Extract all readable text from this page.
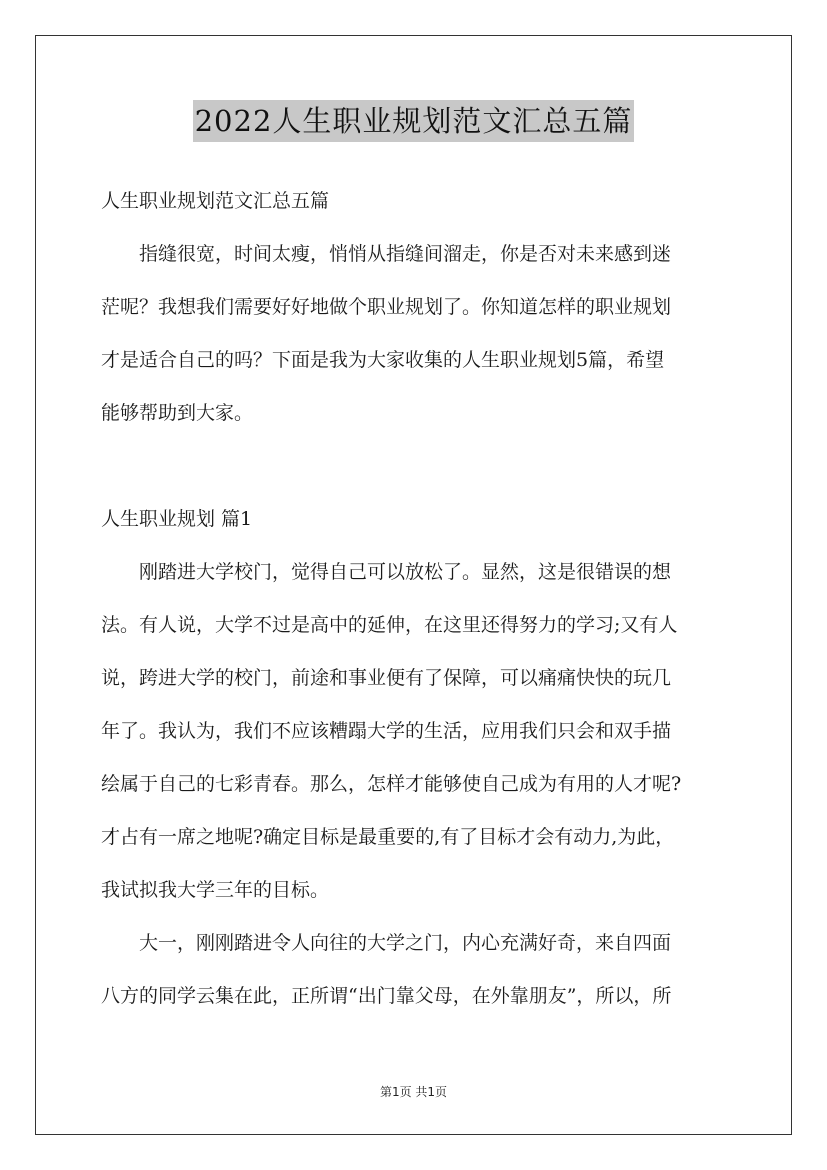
2022人生职业规划范文汇总五篇
人生职业规划范文汇总五篇
指缝很宽，时间太瘦，悄悄从指缝间溜走，你是否对未来感到迷
茫呢？我想我们需要好好地做个职业规划了。你知道怎样的职业规划
才是适合自己的吗？下面是我为大家收集的人生职业规划5篇，希望
能够帮助到大家。
人生职业规划 篇1
刚踏进大学校门，觉得自己可以放松了。显然，这是很错误的想
法。有人说，大学不过是高中的延伸，在这里还得努力的学习;又有人
说，跨进大学的校门，前途和事业便有了保障，可以痛痛快快的玩几
年了。我认为，我们不应该糟蹋大学的生活，应用我们只会和双手描
绘属于自己的七彩青春。那么，怎样才能够使自己成为有用的人才呢?
才占有一席之地呢?确定目标是最重要的,有了目标才会有动力,为此，
我试拟我大学三年的目标。
大一，刚刚踏进令人向往的大学之门，内心充满好奇，来自四面
八方的同学云集在此，正所谓“出门靠父母，在外靠朋友”，所以，所
第1页 共1页
